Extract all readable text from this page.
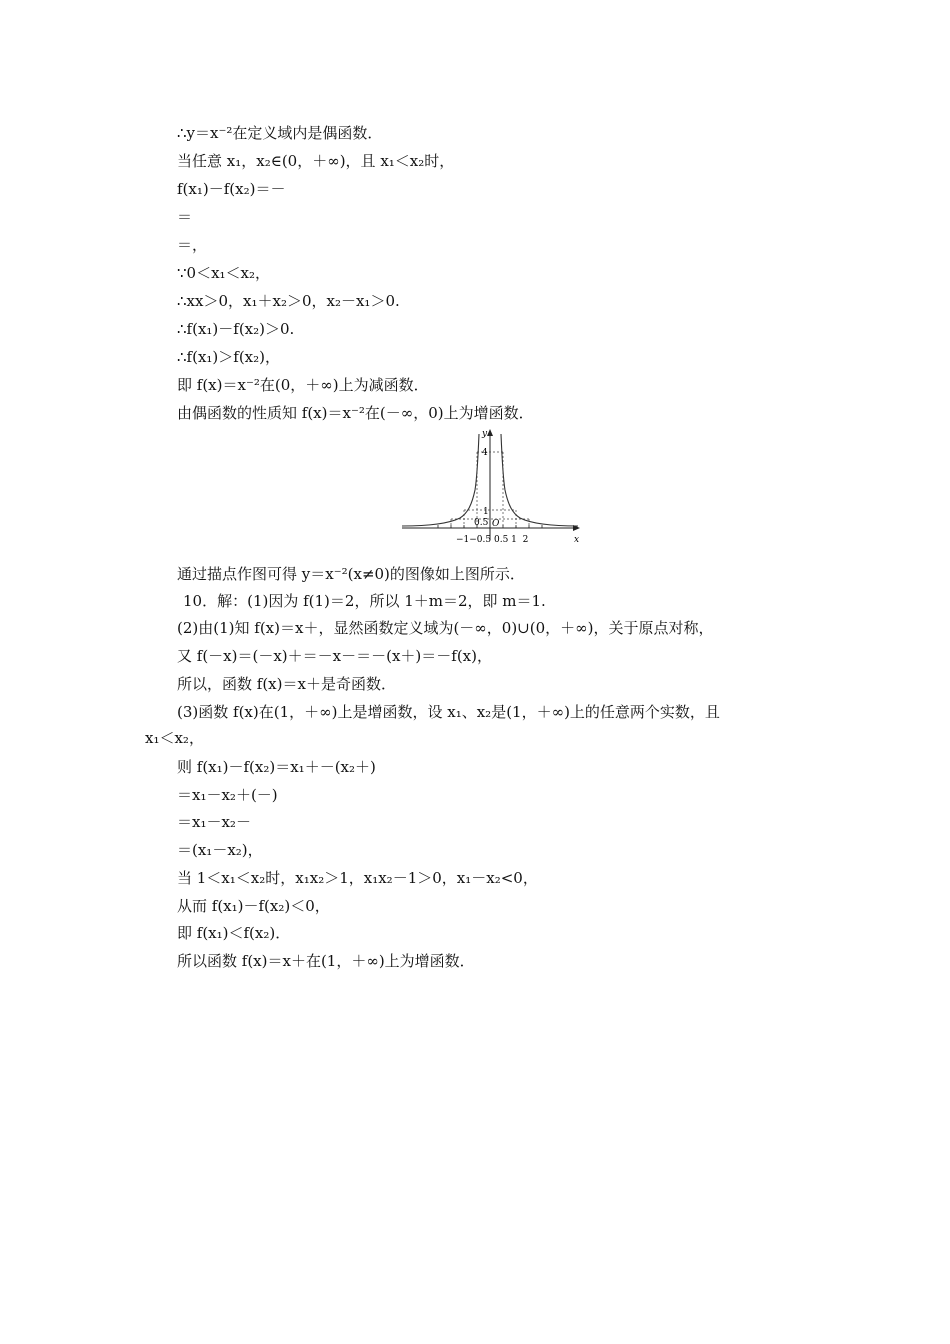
∴y＝x⁻²在定义域内是偶函数．
当任意 x₁，x₂∈(0，＋∞)，且 x₁＜x₂时，
f(x₁)－f(x₂)＝－
＝
＝，
∵0＜x₁＜x₂，
∴xx＞0，x₁＋x₂＞0，x₂－x₁＞0.
∴f(x₁)－f(x₂)＞0.
∴f(x₁)＞f(x₂)，
即 f(x)＝x⁻²在(0，＋∞)上为减函数．
由偶函数的性质知 f(x)＝x⁻²在(－∞，0)上为增函数．
y
x
4
1
0.5 O
−1−0.5 0.5 1  2
通过描点作图可得 y＝x⁻²(x≠0)的图像如上图所示．
10．解：(1)因为 f(1)＝2，所以 1＋m＝2，即 m＝1.
(2)由(1)知 f(x)＝x＋，显然函数定义域为(－∞，0)∪(0，＋∞)，关于原点对称，
又 f(－x)＝(－x)＋＝－x－＝－(x＋)＝－f(x)，
所以，函数 f(x)＝x＋是奇函数．
(3)函数 f(x)在(1，＋∞)上是增函数，设 x₁、x₂是(1，＋∞)上的任意两个实数，且
x₁＜x₂，
则 f(x₁)－f(x₂)＝x₁＋－(x₂＋)
＝x₁－x₂＋(－)
＝x₁－x₂－
＝(x₁－x₂)，
当 1＜x₁＜x₂时，x₁x₂＞1，x₁x₂－1＞0，x₁－x₂<0，
从而 f(x₁)－f(x₂)＜0，
即 f(x₁)＜f(x₂)．
所以函数 f(x)＝x＋在(1，＋∞)上为增函数．
